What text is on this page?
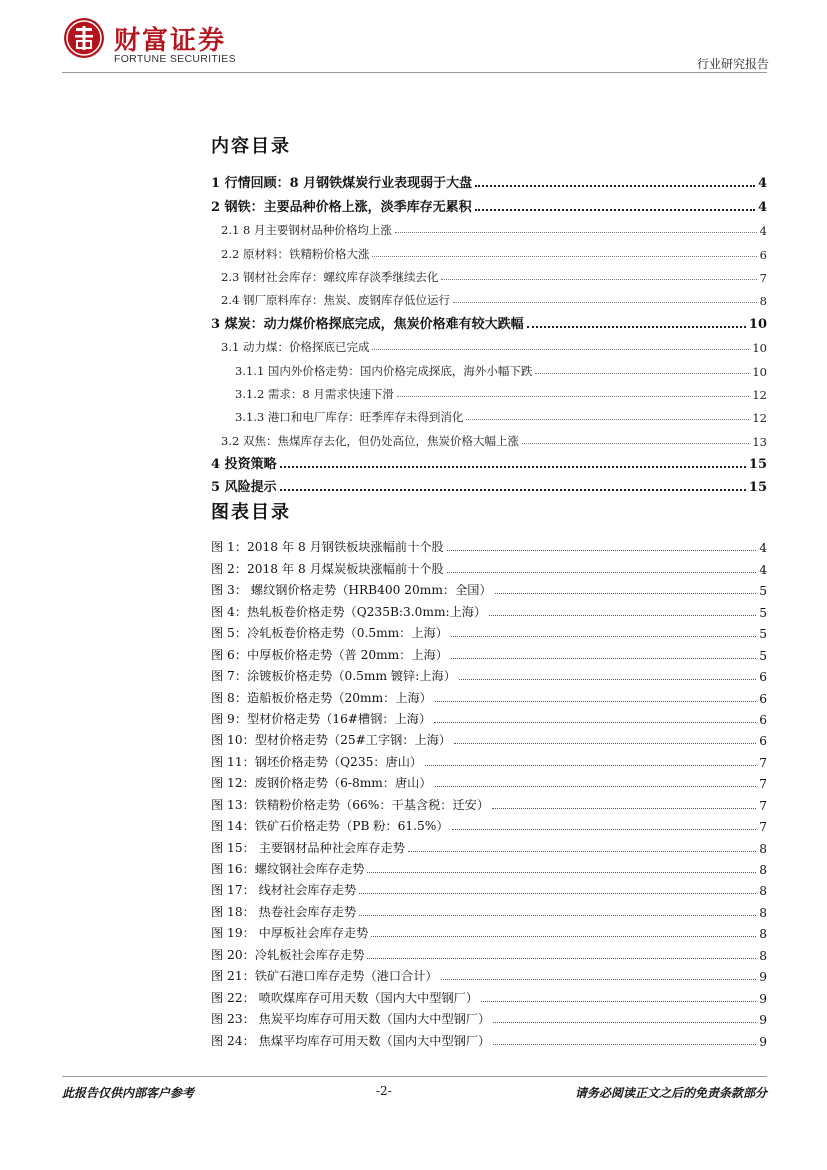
财富证券
FORTUNE SECURITIES	行业研究报告
内容目录
1 行情回顾：8 月钢铁煤炭行业表现弱于大盘	4
2 钢铁：主要品种价格上涨，淡季库存无累积	4
2.1 8 月主要钢材品种价格均上涨	4
2.2 原材料：铁精粉价格大涨	6
2.3 钢材社会库存：螺纹库存淡季继续去化	7
2.4 钢厂原料库存：焦炭、废钢库存低位运行	8
3 煤炭：动力煤价格探底完成，焦炭价格难有较大跌幅	10
3.1 动力煤：价格探底已完成	10
3.1.1 国内外价格走势：国内价格完成探底，海外小幅下跌	10
3.1.2 需求：8 月需求快速下滑	12
3.1.3 港口和电厂库存：旺季库存未得到消化	12
3.2 双焦：焦煤库存去化，但仍处高位，焦炭价格大幅上涨	13
4 投资策略	15
5 风险提示	15
图表目录
图 1：2018 年 8 月钢铁板块涨幅前十个股	4
图 2：2018 年 8 月煤炭板块涨幅前十个股	4
图 3： 螺纹钢价格走势（HRB400 20mm：全国）	5
图 4：热轧板卷价格走势（Q235B:3.0mm:上海）	5
图 5：冷轧板卷价格走势（0.5mm：上海）	5
图 6：中厚板价格走势（普 20mm：上海）	5
图 7：涂镀板价格走势（0.5mm 镀锌:上海）	6
图 8：造船板价格走势（20mm：上海）	6
图 9：型材价格走势（16#槽钢：上海）	6
图 10：型材价格走势（25#工字钢：上海）	6
图 11：钢坯价格走势（Q235：唐山）	7
图 12：废钢价格走势（6-8mm：唐山）	7
图 13：铁精粉价格走势（66%：干基含税：迁安）	7
图 14：铁矿石价格走势（PB 粉：61.5%）	7
图 15： 主要钢材品种社会库存走势	8
图 16：螺纹钢社会库存走势	8
图 17： 线材社会库存走势	8
图 18： 热卷社会库存走势	8
图 19： 中厚板社会库存走势	8
图 20：冷轧板社会库存走势	8
图 21：铁矿石港口库存走势（港口合计）	9
图 22： 喷吹煤库存可用天数（国内大中型钢厂）	9
图 23： 焦炭平均库存可用天数（国内大中型钢厂）	9
图 24： 焦煤平均库存可用天数（国内大中型钢厂）	9
此报告仅供内部客户参考	-2-	请务必阅读正文之后的免责条款部分
